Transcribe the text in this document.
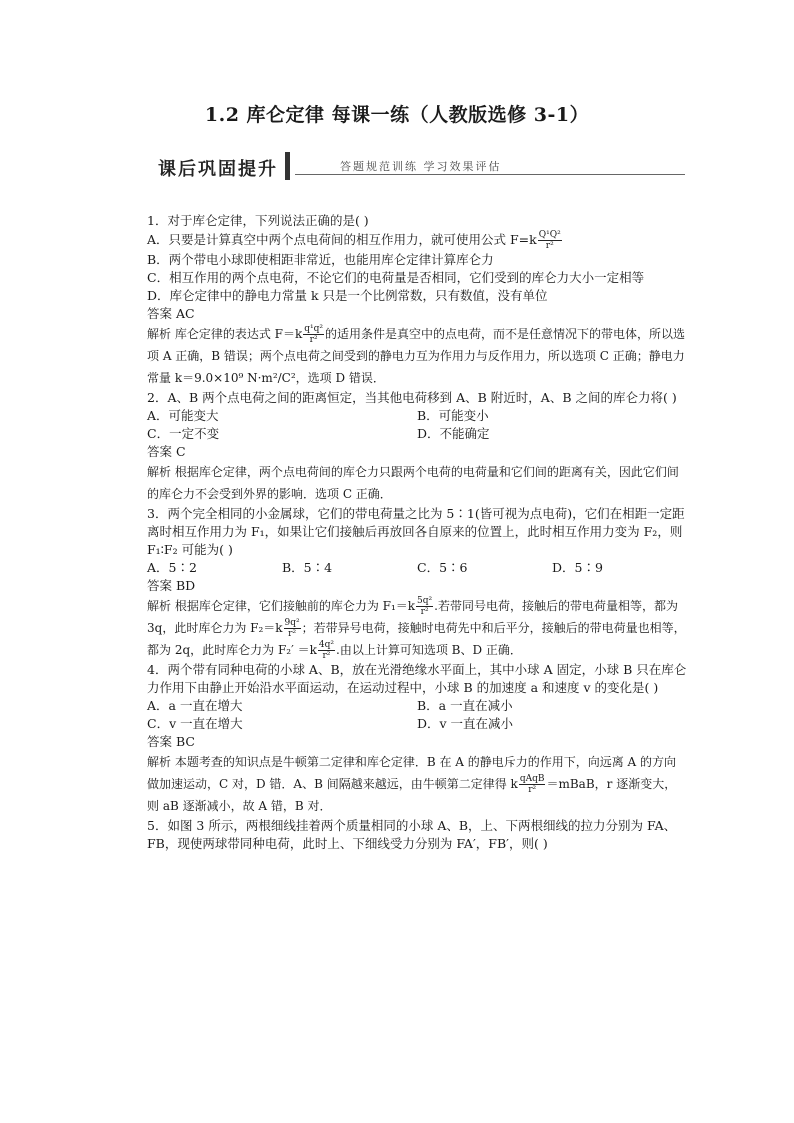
1.2 库仑定律 每课一练（人教版选修 3-1）
课后巩固提升	答题规范训练 学习效果评估

1．对于库仑定律，下列说法正确的是( )

A．只要是计算真空中两个点电荷间的相互作用力，就可使用公式 $F=k \frac{\text{Q¹Q²}}{\text{r²}}$

B．两个带电小球即使相距非常近，也能用库仑定律计算库仑力

C．相互作用的两个点电荷，不论它们的电荷量是否相同，它们受到的库仑力大小一定相等

D．库仑定律中的静电力常量 k 只是一个比例常数，只有数值，没有单位

答案 AC

解析 库仑定律的表达式 $F=k \frac{\text{q¹q²}}{\text{r²}}$ 的适用条件是真空中的点电荷，而不是任意情况下的带电体，所以选项 A 正确，B 错误；两个点电荷之间受到的静电力互为作用力与反作用力，所以选项 C 正确；静电力常量 k＝9.0×10⁹ N·m²/C²，选项 D 错误．

2．A、B 两个点电荷之间的距离恒定，当其他电荷移到 A、B 附近时，A、B 之间的库仑力将( )

A．可能变大	B．可能变小
C．一定不变	D．不能确定

答案 C

解析 根据库仑定律，两个点电荷间的库仑力只跟两个电荷的电荷量和它们间的距离有关，因此它们间的库仑力不会受到外界的影响．选项 C 正确．

3．两个完全相同的小金属球，它们的带电荷量之比为 5∶1(皆可视为点电荷)，它们在相距一定距离时相互作用力为 F₁，如果让它们接触后再放回各自原来的位置上，此时相互作用力变为 F₂，则 F₁∶F₂ 可能为( )

A．5∶2	B．5∶4	C．5∶6	D．5∶9

答案 BD

解析 根据库仑定律，它们接触前的库仑力为 $F_1=k \frac{\text{5q²}}{\text{r²}}$ .若带同号电荷，接触后的带电荷量相等，都为 3q，此时库仑力为 $F_2=k \frac{\text{9q²}}{\text{r²}}$ ；若带异号电荷，接触时电荷先中和后平分，接触后的带电荷量也相等，都为 2q，此时库仑力为 $F_2' =k \frac{\text{4q²}}{\text{r²}}$ .由以上计算可知选项 B、D 正确．

4．两个带有同种电荷的小球 A、B，放在光滑绝缘水平面上，其中小球 A 固定，小球 B 只在库仑力作用下由静止开始沿水平面运动，在运动过程中，小球 B 的加速度 a 和速度 v 的变化是( )

A．a 一直在增大	B．a 一直在减小
C．v 一直在增大	D．v 一直在减小

答案 BC

解析 本题考查的知识点是牛顿第二定律和库仑定律．B 在 A 的静电斥力的作用下，向远离 A 的方向做加速运动，C 对，D 错．A、B 间隔越来越远，由牛顿第二定律得 k $\frac{\text{qAqB}}{\text{r²}}$ ＝mBaB，r 逐渐变大，则 aB 逐渐减小，故 A 错，B 对．

5．如图 3 所示，两根细线挂着两个质量相同的小球 A、B，上、下两根细线的拉力分别为 FA、FB，现使两球带同种电荷，此时上、下细线受力分别为 FA′，FB′，则( )
